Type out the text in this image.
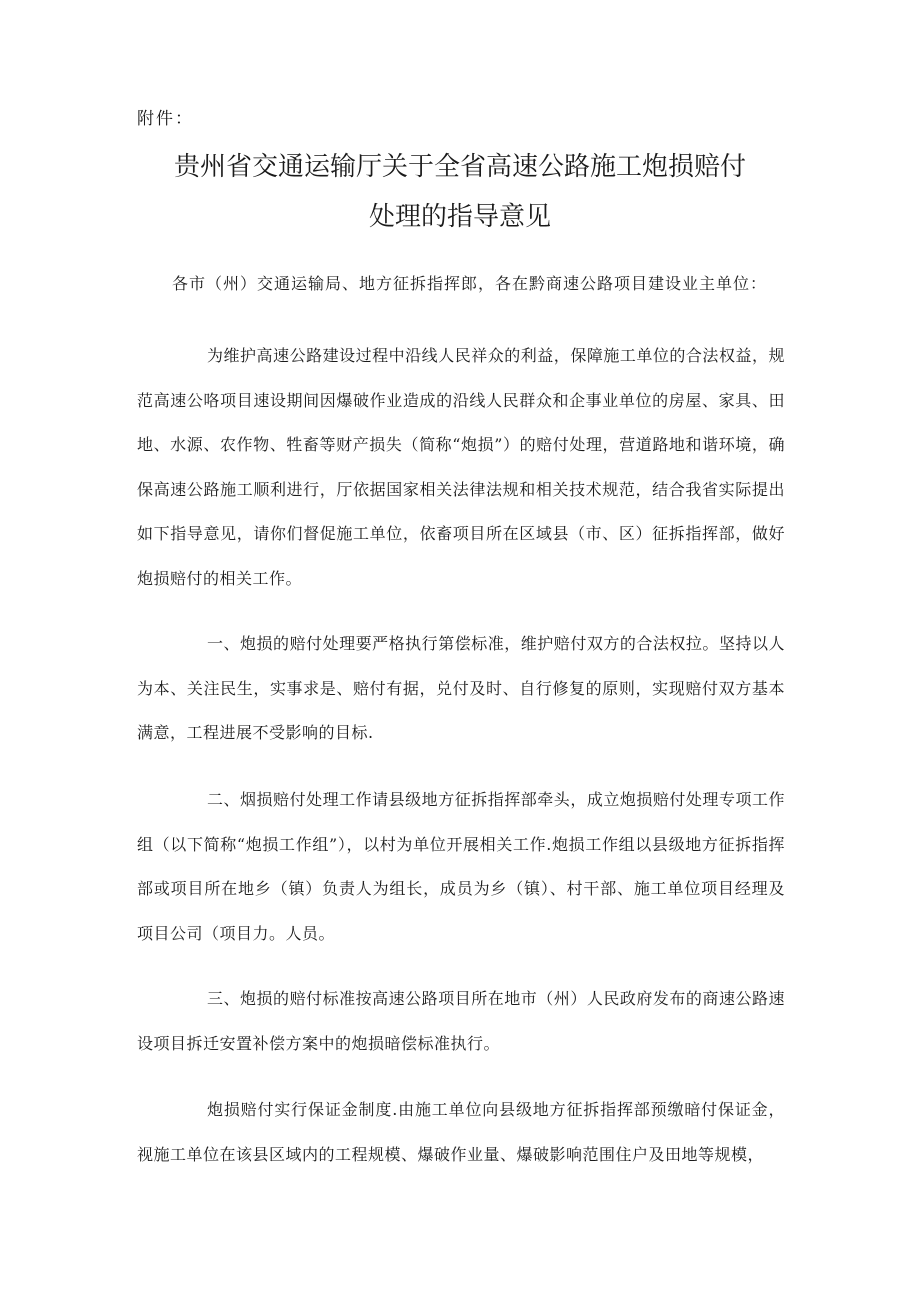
附件：
贵州省交通运输厅关于全省高速公路施工炮损赔付
处理的指导意见
各市（州）交通运输局、地方征拆指挥郎，各在黔商速公路项目建设业主单位：
为维护高速公路建设过程中沿线人民祥众的利益，保障施工单位的合法权益，规范高速公咯项目速设期间因爆破作业造成的沿线人民群众和企事业单位的房屋、家具、田地、水源、农作物、牲畜等财产损失（简称“炮损”）的赔付处理，营道路地和谐环境，确保高速公路施工顺利进行，厅依据国家相关法律法规和相关技术规范，结合我省实际提出如下指导意见，请你们督促施工单位，依畜项目所在区域县（市、区）征拆指挥部，做好炮损赔付的相关工作。
一、炮损的赔付处理要严格执行第偿标准，维护赔付双方的合法权拉。坚持以人为本、关注民生，实事求是、赔付有据，兑付及时、自行修复的原则，实现赔付双方基本满意，工程进展不受影响的目标.
二、烟损赔付处理工作请县级地方征拆指挥部牵头，成立炮损赔付处理专项工作组（以下简称“炮损工作组”），以村为单位开展相关工作.炮损工作组以县级地方征拆指挥部或项目所在地乡（镇）负责人为组长，成员为乡（镇）、村干部、施工单位项目经理及项目公司（项目力。人员。
三、炮损的赔付标准按高速公路项目所在地市（州）人民政府发布的商速公路速设项目拆迁安置补偿方案中的炮损暗偿标准执行。
炮损赔付实行保证金制度.由施工单位向县级地方征拆指挥部预缴暗付保证金，视施工单位在该县区域内的工程规模、爆破作业量、爆破影响范围住户及田地等规模，
